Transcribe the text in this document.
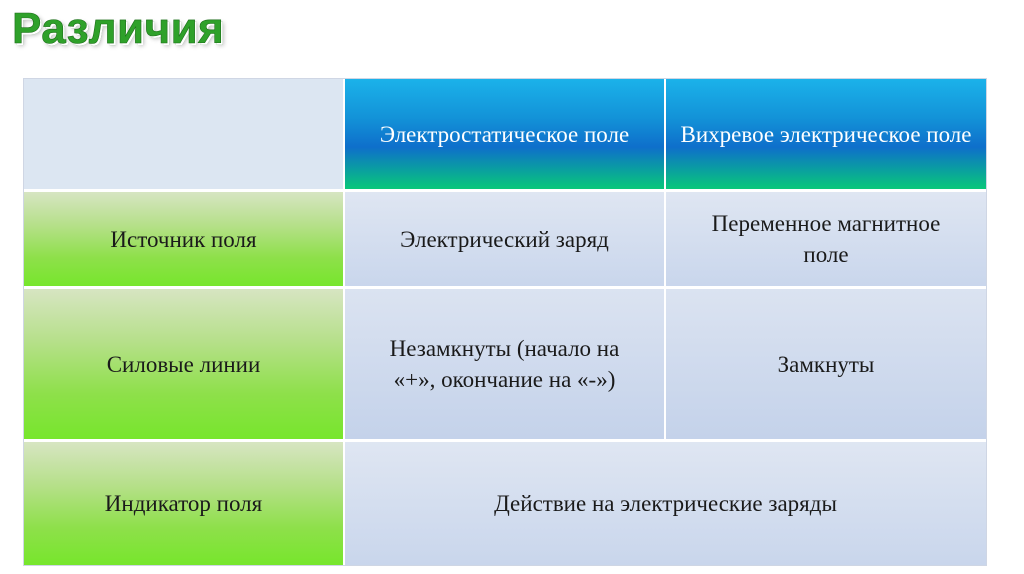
Различия
Электростатическое поле Вихревое электрическое поле
Источник поля	Электрический заряд
Переменное магнитное поле
Силовые линии
Незамкнуты (начало на «+», окончание на «-»)
Замкнуты
Индикатор поля	Действие на электрические заряды
